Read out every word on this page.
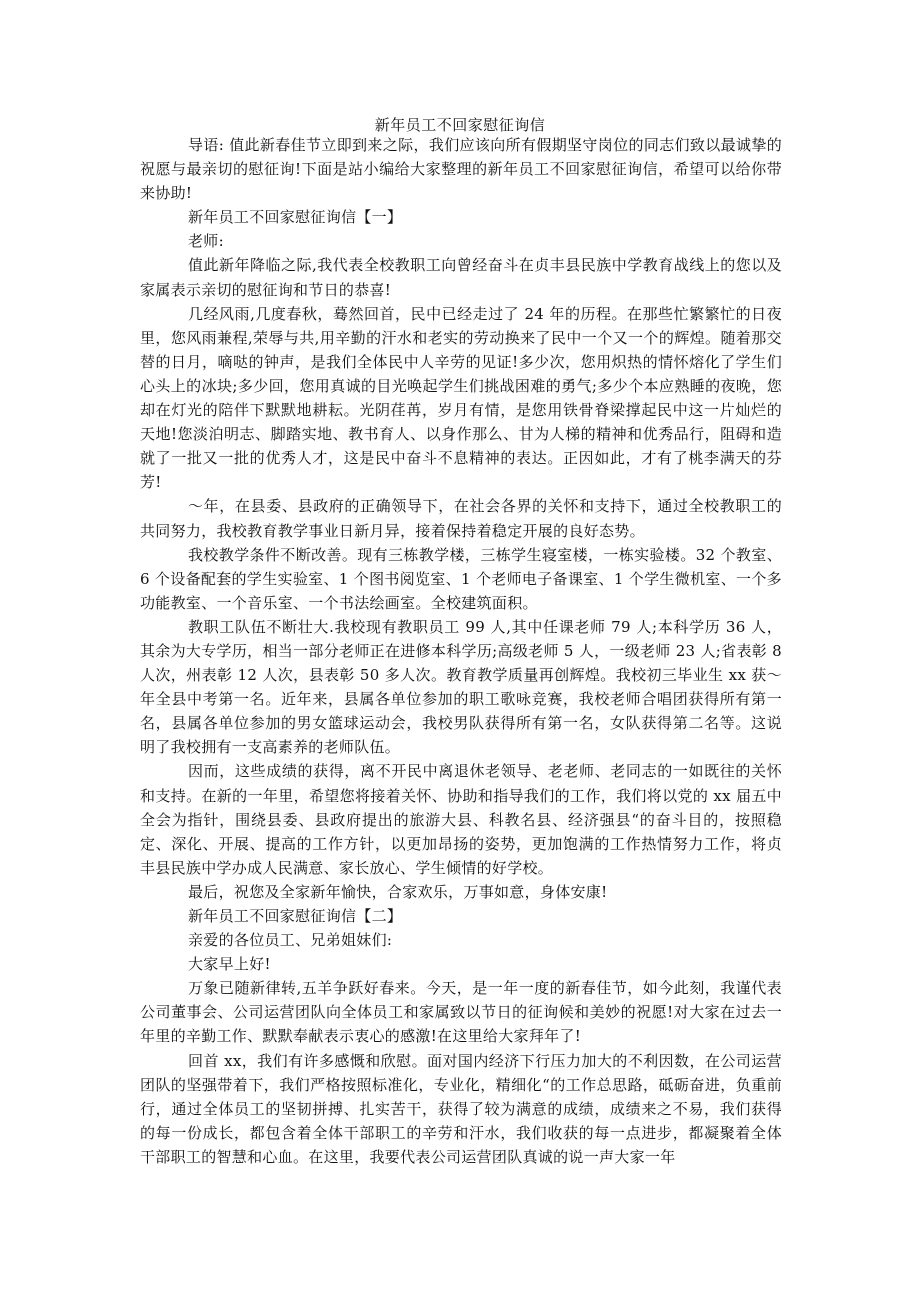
新年员工不回家慰征询信

导语: 值此新春佳节立即到来之际，我们应该向所有假期坚守岗位的同志们致以最诚挚的祝愿与最亲切的慰征询!下面是站小编给大家整理的新年员工不回家慰征询信，希望可以给你带来协助!

新年员工不回家慰征询信【一】

老师:

值此新年降临之际,我代表全校教职工向曾经奋斗在贞丰县民族中学教育战线上的您以及家属表示亲切的慰征询和节日的恭喜!

几经风雨,几度春秋，蓦然回首，民中已经走过了 24 年的历程。在那些忙繁繁忙的日夜里，您风雨兼程,荣辱与共,用辛勤的汗水和老实的劳动换来了民中一个又一个的辉煌。随着那交替的日月，嘀哒的钟声，是我们全体民中人辛劳的见证!多少次，您用炽热的情怀熔化了学生们心头上的冰块;多少回，您用真诚的目光唤起学生们挑战困难的勇气;多少个本应熟睡的夜晚，您却在灯光的陪伴下默默地耕耘。光阴荏苒，岁月有情，是您用铁骨脊梁撑起民中这一片灿烂的天地!您淡泊明志、脚踏实地、教书育人、以身作那么、甘为人梯的精神和优秀品行，阻碍和造就了一批又一批的优秀人才，这是民中奋斗不息精神的表达。正因如此，才有了桃李满天的芬芳!

～年，在县委、县政府的正确领导下，在社会各界的关怀和支持下，通过全校教职工的共同努力，我校教育教学事业日新月异，接着保持着稳定开展的良好态势。

我校教学条件不断改善。现有三栋教学楼，三栋学生寝室楼，一栋实验楼。32 个教室、6 个设备配套的学生实验室、1 个图书阅览室、1 个老师电子备课室、1 个学生微机室、一个多功能教室、一个音乐室、一个书法绘画室。全校建筑面积。

教职工队伍不断壮大.我校现有教职员工 99 人,其中任课老师 79 人;本科学历 36 人，其余为大专学历，相当一部分老师正在进修本科学历;高级老师 5 人，一级老师 23 人;省表彰 8 人次，州表彰 12 人次，县表彰 50 多人次。教育教学质量再创辉煌。我校初三毕业生 xx 获～年全县中考第一名。近年来，县属各单位参加的职工歌咏竞赛，我校老师合唱团获得所有第一名，县属各单位参加的男女篮球运动会，我校男队获得所有第一名，女队获得第二名等。这说明了我校拥有一支高素养的老师队伍。

因而，这些成绩的获得，离不开民中离退休老领导、老老师、老同志的一如既往的关怀和支持。在新的一年里，希望您将接着关怀、协助和指导我们的工作，我们将以党的 xx 届五中全会为指针，围绕县委、县政府提出的旅游大县、科教名县、经济强县“的奋斗目的，按照稳定、深化、开展、提高的工作方针，以更加昂扬的姿势，更加饱满的工作热情努力工作，将贞丰县民族中学办成人民满意、家长放心、学生倾情的好学校。

最后，祝您及全家新年愉快，合家欢乐，万事如意，身体安康!

新年员工不回家慰征询信【二】

亲爱的各位员工、兄弟姐妹们:

大家早上好!

万象已随新律转,五羊争跃好春来。今天，是一年一度的新春佳节，如今此刻，我谨代表公司董事会、公司运营团队向全体员工和家属致以节日的征询候和美妙的祝愿!对大家在过去一年里的辛勤工作、默默奉献表示衷心的感激!在这里给大家拜年了!

回首 xx，我们有许多感慨和欣慰。面对国内经济下行压力加大的不利因数，在公司运营团队的坚强带着下，我们严格按照标准化，专业化，精细化“的工作总思路，砥砺奋进，负重前行，通过全体员工的坚韧拼搏、扎实苦干，获得了较为满意的成绩，成绩来之不易，我们获得的每一份成长，都包含着全体干部职工的辛劳和汗水，我们收获的每一点进步，都凝聚着全体干部职工的智慧和心血。在这里，我要代表公司运营团队真诚的说一声大家一年
